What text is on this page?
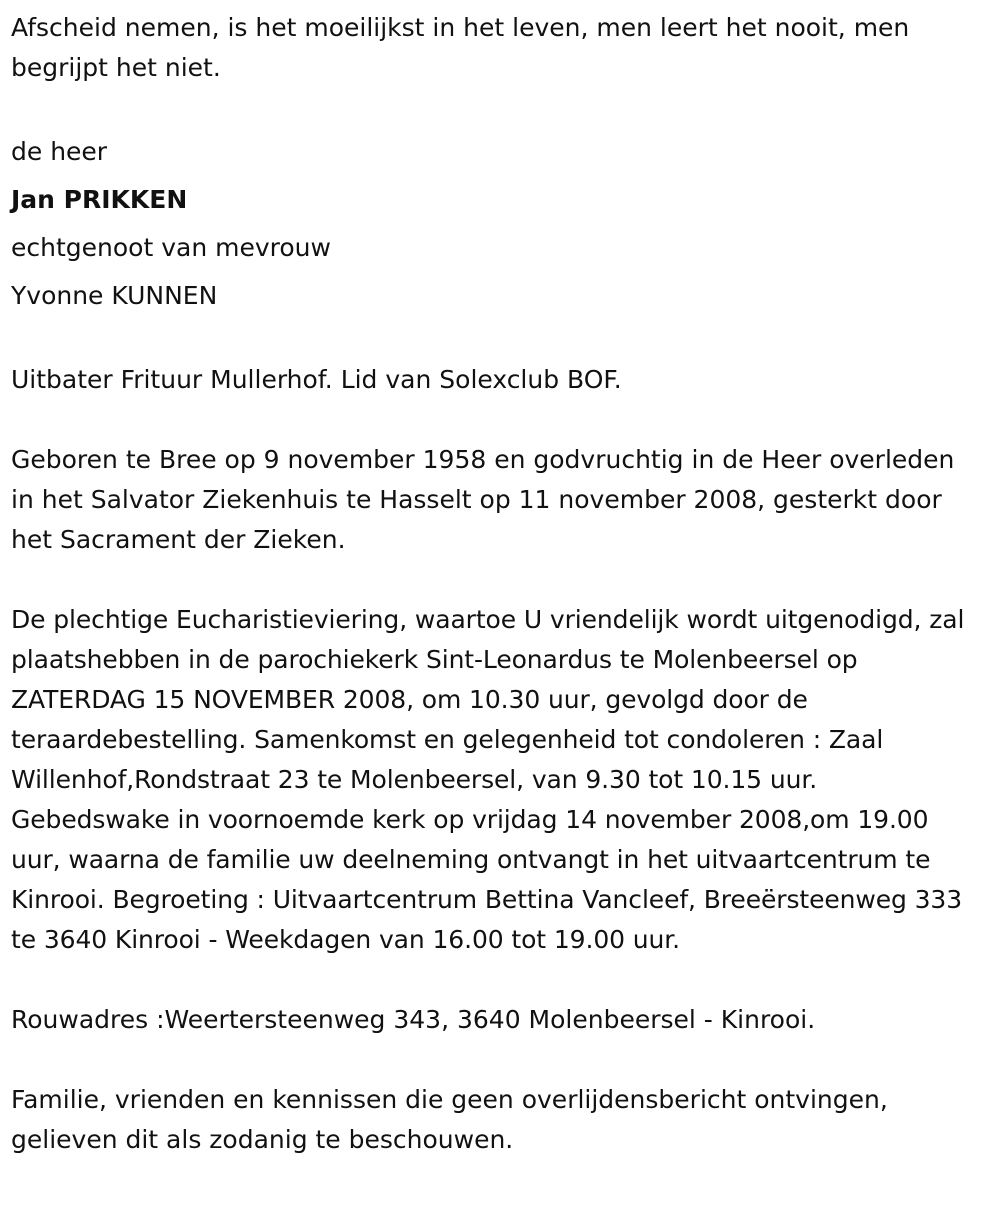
Afscheid nemen, is het moeilijkst in het leven, men leert het nooit, men begrijpt het niet.

de heer

Jan PRIKKEN

echtgenoot van mevrouw

Yvonne KUNNEN

Uitbater Frituur Mullerhof. Lid van Solexclub BOF.

Geboren te Bree op 9 november 1958 en godvruchtig in de Heer overleden in het Salvator Ziekenhuis te Hasselt op 11 november 2008, gesterkt door het Sacrament der Zieken.

De plechtige Eucharistieviering, waartoe U vriendelijk wordt uitgenodigd, zal plaatshebben in de parochiekerk Sint-Leonardus te Molenbeersel op ZATERDAG 15 NOVEMBER 2008, om 10.30 uur, gevolgd door de teraardebestelling. Samenkomst en gelegenheid tot condoleren : Zaal Willenhof,Rondstraat 23 te Molenbeersel, van 9.30 tot 10.15 uur. Gebedswake in voornoemde kerk op vrijdag 14 november 2008,om 19.00 uur, waarna de familie uw deelneming ontvangt in het uitvaartcentrum te Kinrooi. Begroeting : Uitvaartcentrum Bettina Vancleef, Breeërsteenweg 333 te 3640 Kinrooi - Weekdagen van 16.00 tot 19.00 uur.

Rouwadres :Weertersteenweg 343, 3640 Molenbeersel - Kinrooi.

Familie, vrienden en kennissen die geen overlijdensbericht ontvingen, gelieven dit als zodanig te beschouwen.
